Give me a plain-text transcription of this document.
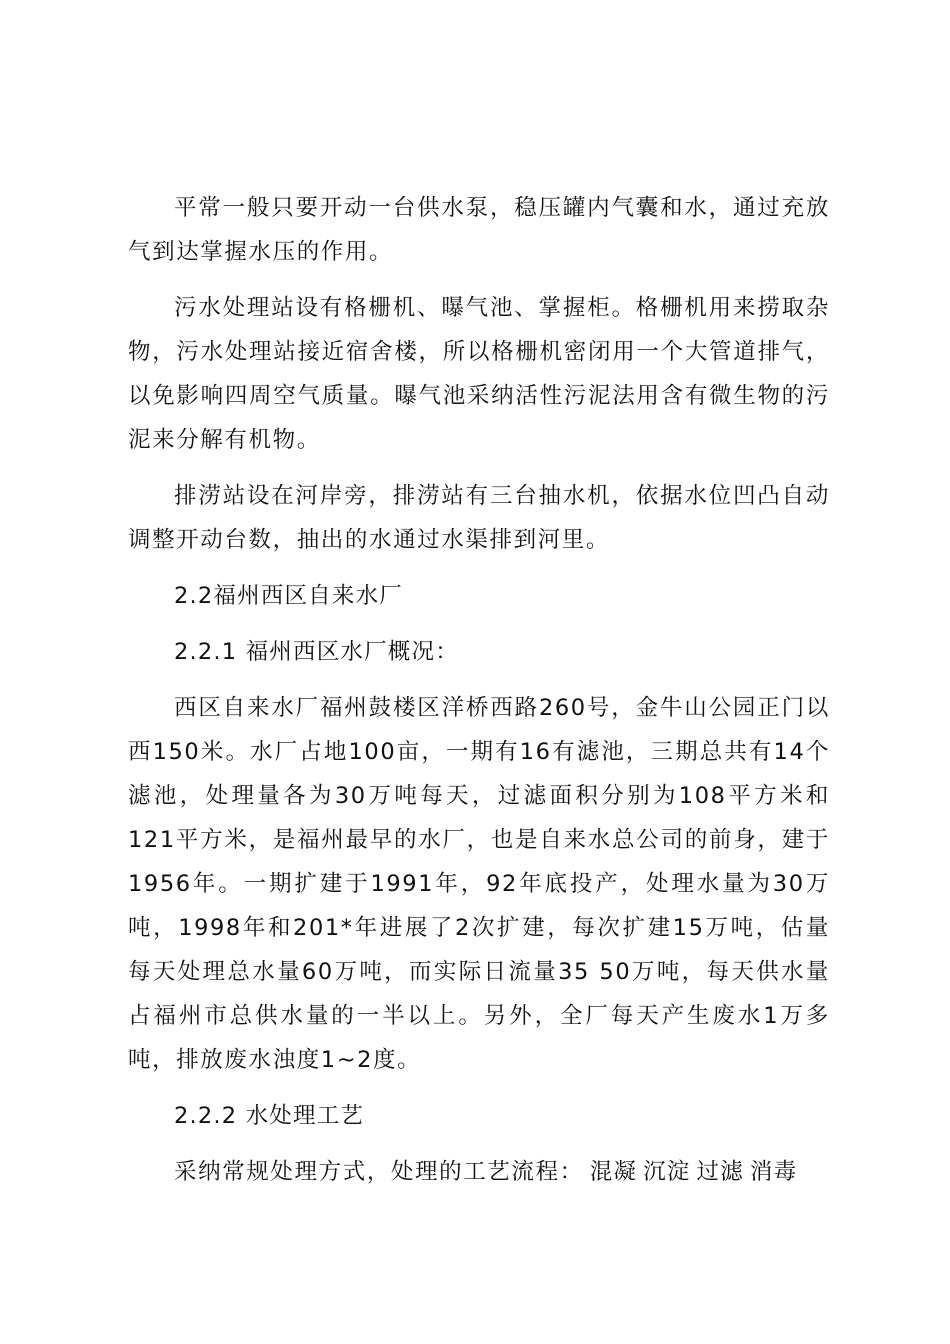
平常一般只要开动一台供水泵，稳压罐内气囊和水，通过充放气到达掌握水压的作用。

污水处理站设有格栅机、曝气池、掌握柜。格栅机用来捞取杂物，污水处理站接近宿舍楼，所以格栅机密闭用一个大管道排气，以免影响四周空气质量。曝气池采纳活性污泥法用含有微生物的污泥来分解有机物。

排涝站设在河岸旁，排涝站有三台抽水机，依据水位凹凸自动调整开动台数，抽出的水通过水渠排到河里。

2.2福州西区自来水厂

2.2.1 福州西区水厂概况：

西区自来水厂福州鼓楼区洋桥西路260号，金牛山公园正门以西150米。水厂占地100亩，一期有16有滤池，三期总共有14个滤池，处理量各为30万吨每天，过滤面积分别为108平方米和121平方米，是福州最早的水厂，也是自来水总公司的前身，建于1956年。一期扩建于1991年，92年底投产，处理水量为30万吨，1998年和201*年进展了2次扩建，每次扩建15万吨，估量每天处理总水量60万吨，而实际日流量35 50万吨，每天供水量占福州市总供水量的一半以上。另外，全厂每天产生废水1万多吨，排放废水浊度1~2度。

2.2.2 水处理工艺

采纳常规处理方式，处理的工艺流程： 混凝 沉淀 过滤 消毒
